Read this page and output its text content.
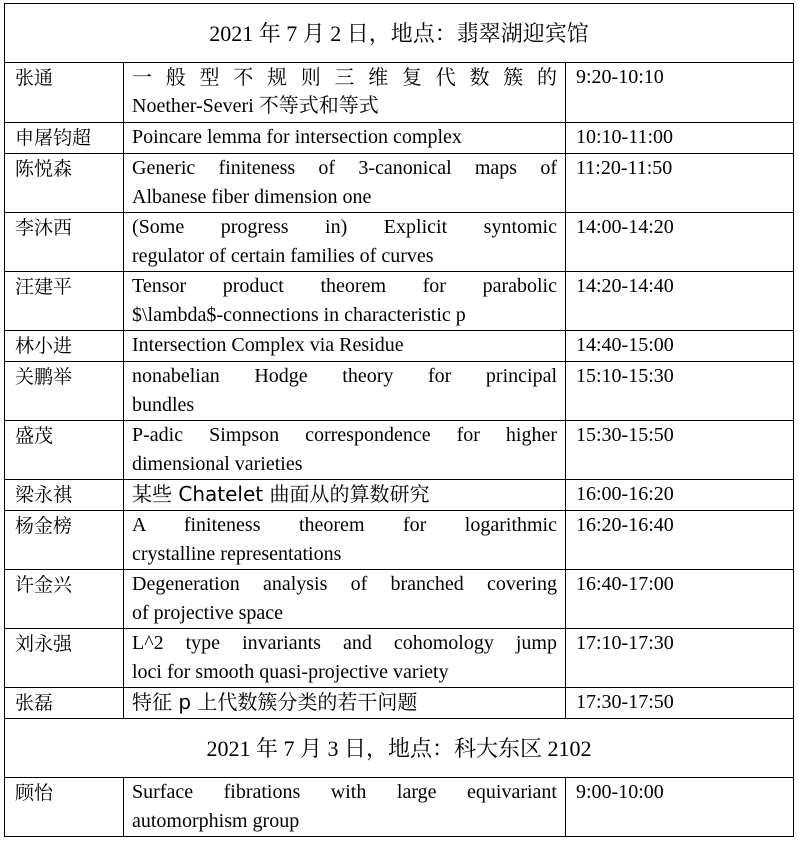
2021 年 7 月 2 日，地点：翡翠湖迎宾馆		
张通	一 般 型 不 规 则 三 维 复 代 数 簇 的
Noether-Severi 不等式和等式	9:20-10:10
申屠钧超	Poincare lemma for intersection complex	10:10-11:00
陈悦森	Generic finiteness of 3-canonical maps of
Albanese fiber dimension one	11:20-11:50
李沐西	(Some progress in) Explicit syntomic
regulator of certain families of curves	14:00-14:20
汪建平	Tensor product theorem for parabolic
$\lambda$-connections in characteristic p	14:20-14:40
林小进	Intersection Complex via Residue	14:40-15:00
关鹏举	nonabelian Hodge theory for principal
bundles	15:10-15:30
盛茂	P-adic Simpson correspondence for higher
dimensional varieties	15:30-15:50
梁永祺	某些 Chatelet 曲面从的算数研究	16:00-16:20
杨金榜	A finiteness theorem for logarithmic
crystalline representations	16:20-16:40
许金兴	Degeneration analysis of branched covering
of projective space	16:40-17:00
刘永强	L^2 type invariants and cohomology jump
loci for smooth quasi-projective variety	17:10-17:30
张磊	特征 p 上代数簇分类的若干问题	17:30-17:50
2021 年 7 月 3 日，地点：科大东区 2102		
顾怡	Surface fibrations with large equivariant
automorphism group	9:00-10:00
